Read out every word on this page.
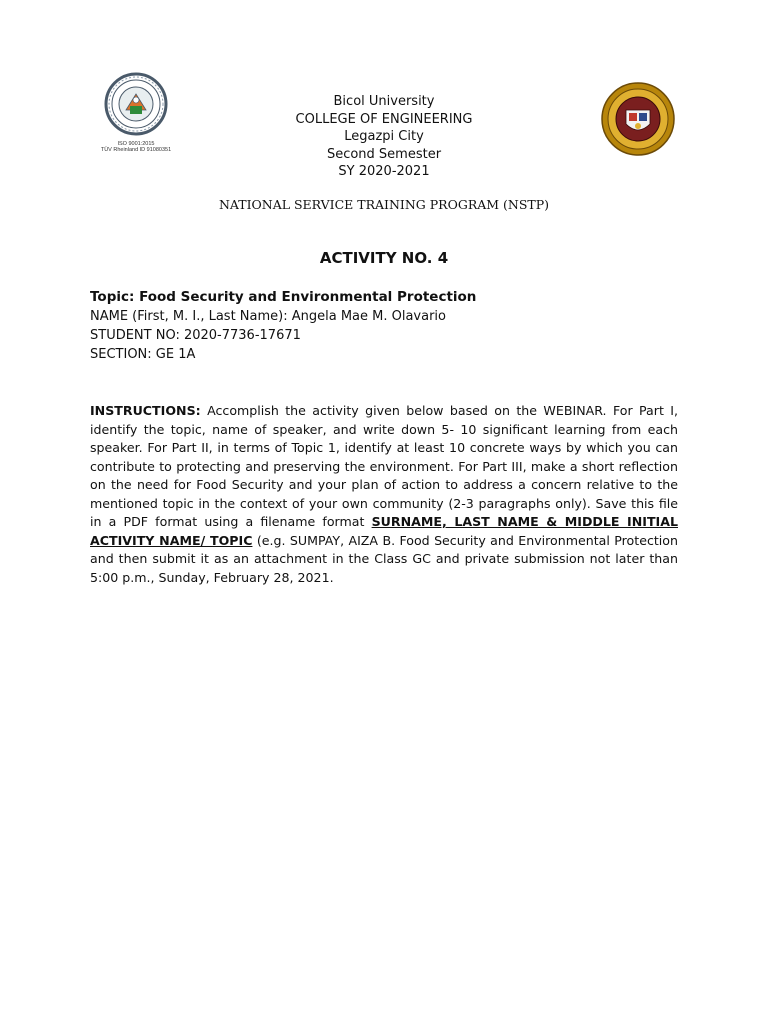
ISO 9001:2015
TÜV Rheinland ID 91080351
Bicol University
COLLEGE OF ENGINEERING
Legazpi City
Second Semester
SY 2020-2021
NATIONAL SERVICE TRAINING PROGRAM (NSTP)
ACTIVITY NO. 4
Topic: Food Security and Environmental Protection
NAME (First, M. I., Last Name): Angela Mae M. Olavario
STUDENT NO: 2020-7736-17671
SECTION: GE 1A
INSTRUCTIONS: Accomplish the activity given below based on the WEBINAR. For Part I, identify the topic, name of speaker, and write down 5- 10 significant learning from each speaker. For Part II, in terms of Topic 1, identify at least 10 concrete ways by which you can contribute to protecting and preserving the environment. For Part III, make a short reflection on the need for Food Security and your plan of action to address a concern relative to the mentioned topic in the context of your own community (2-3 paragraphs only). Save this file in a PDF format using a filename format SURNAME, LAST NAME & MIDDLE INITIAL ACTIVITY NAME/ TOPIC (e.g. SUMPAY, AIZA B. Food Security and Environmental Protection and then submit it as an attachment in the Class GC and private submission not later than 5:00 p.m., Sunday, February 28, 2021.
